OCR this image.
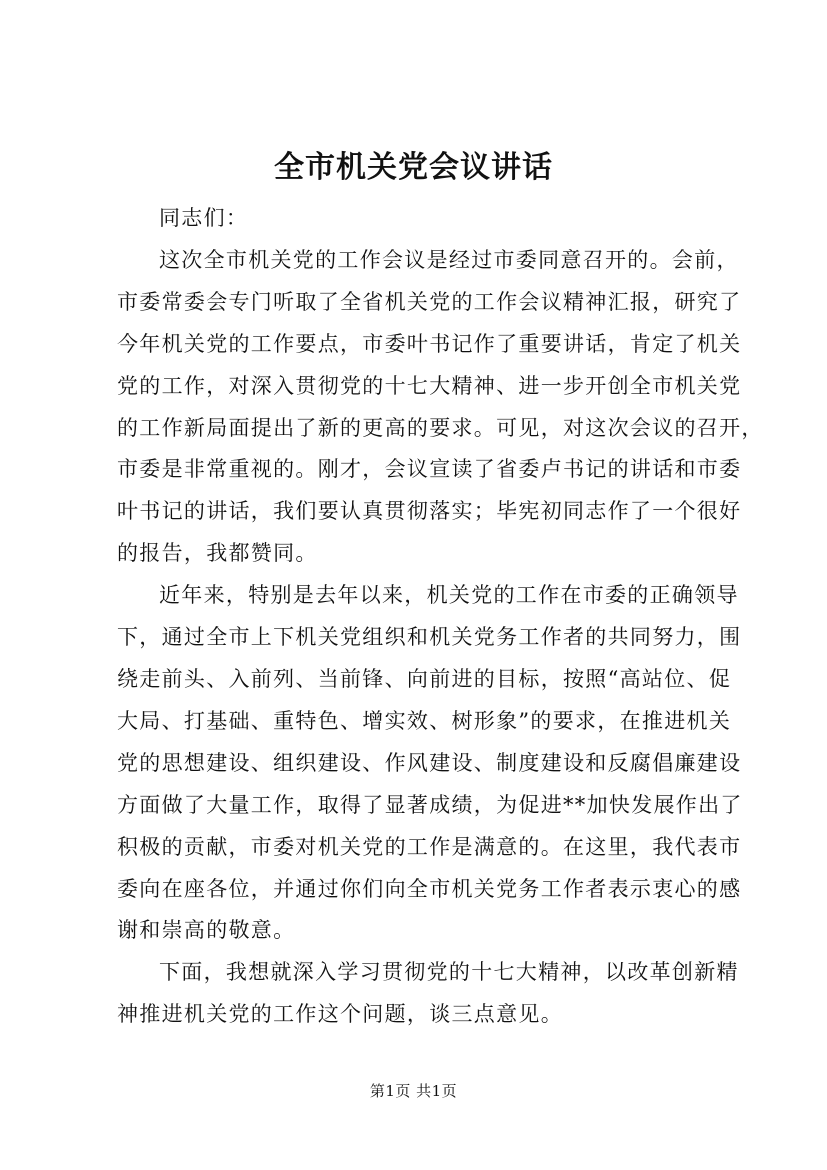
全市机关党会议讲话

同志们：

这次全市机关党的工作会议是经过市委同意召开的。会前，
市委常委会专门听取了全省机关党的工作会议精神汇报，研究了
今年机关党的工作要点，市委叶书记作了重要讲话，肯定了机关
党的工作，对深入贯彻党的十七大精神、进一步开创全市机关党
的工作新局面提出了新的更高的要求。可见，对这次会议的召开，
市委是非常重视的。刚才，会议宣读了省委卢书记的讲话和市委
叶书记的讲话，我们要认真贯彻落实；毕宪初同志作了一个很好
的报告，我都赞同。

近年来，特别是去年以来，机关党的工作在市委的正确领导
下，通过全市上下机关党组织和机关党务工作者的共同努力，围
绕走前头、入前列、当前锋、向前进的目标，按照“高站位、促
大局、打基础、重特色、增实效、树形象”的要求，在推进机关
党的思想建设、组织建设、作风建设、制度建设和反腐倡廉建设
方面做了大量工作，取得了显著成绩，为促进**加快发展作出了
积极的贡献，市委对机关党的工作是满意的。在这里，我代表市
委向在座各位，并通过你们向全市机关党务工作者表示衷心的感
谢和崇高的敬意。

下面，我想就深入学习贯彻党的十七大精神，以改革创新精
神推进机关党的工作这个问题，谈三点意见。

第1页 共1页
